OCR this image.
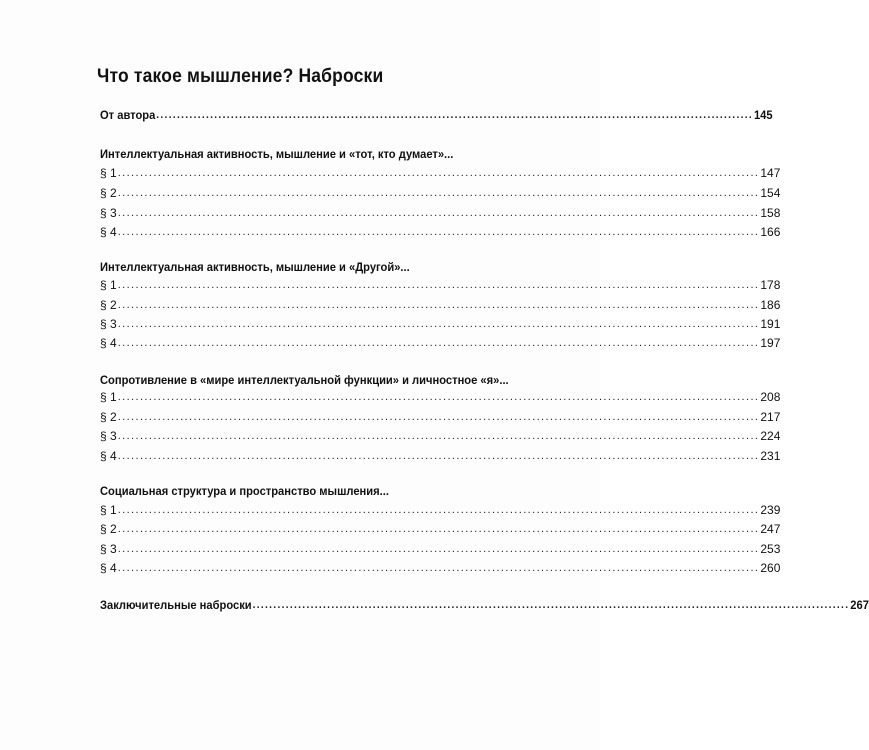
Что такое мышление? Наброски
От автора ................................................................................................................................................ 145
Интеллектуальная активность, мышление и «тот, кто думает»...
§ 1 ................................................................................................................................................ 147
§ 2 ................................................................................................................................................ 154
§ 3 ................................................................................................................................................ 158
§ 4 ................................................................................................................................................ 166
Интеллектуальная активность, мышление и «Другой»...
§ 1 ................................................................................................................................................ 178
§ 2 ................................................................................................................................................ 186
§ 3 ................................................................................................................................................ 191
§ 4 ................................................................................................................................................ 197
Сопротивление в «мире интеллектуальной функции» и личностное «я»...
§ 1 ................................................................................................................................................ 208
§ 2 ................................................................................................................................................ 217
§ 3 ................................................................................................................................................ 224
§ 4 ................................................................................................................................................ 231
Социальная структура и пространство мышления...
§ 1 ................................................................................................................................................ 239
§ 2 ................................................................................................................................................ 247
§ 3 ................................................................................................................................................ 253
§ 4 ................................................................................................................................................ 260
Заключительные наброски ................................................................................................................................................ 267
